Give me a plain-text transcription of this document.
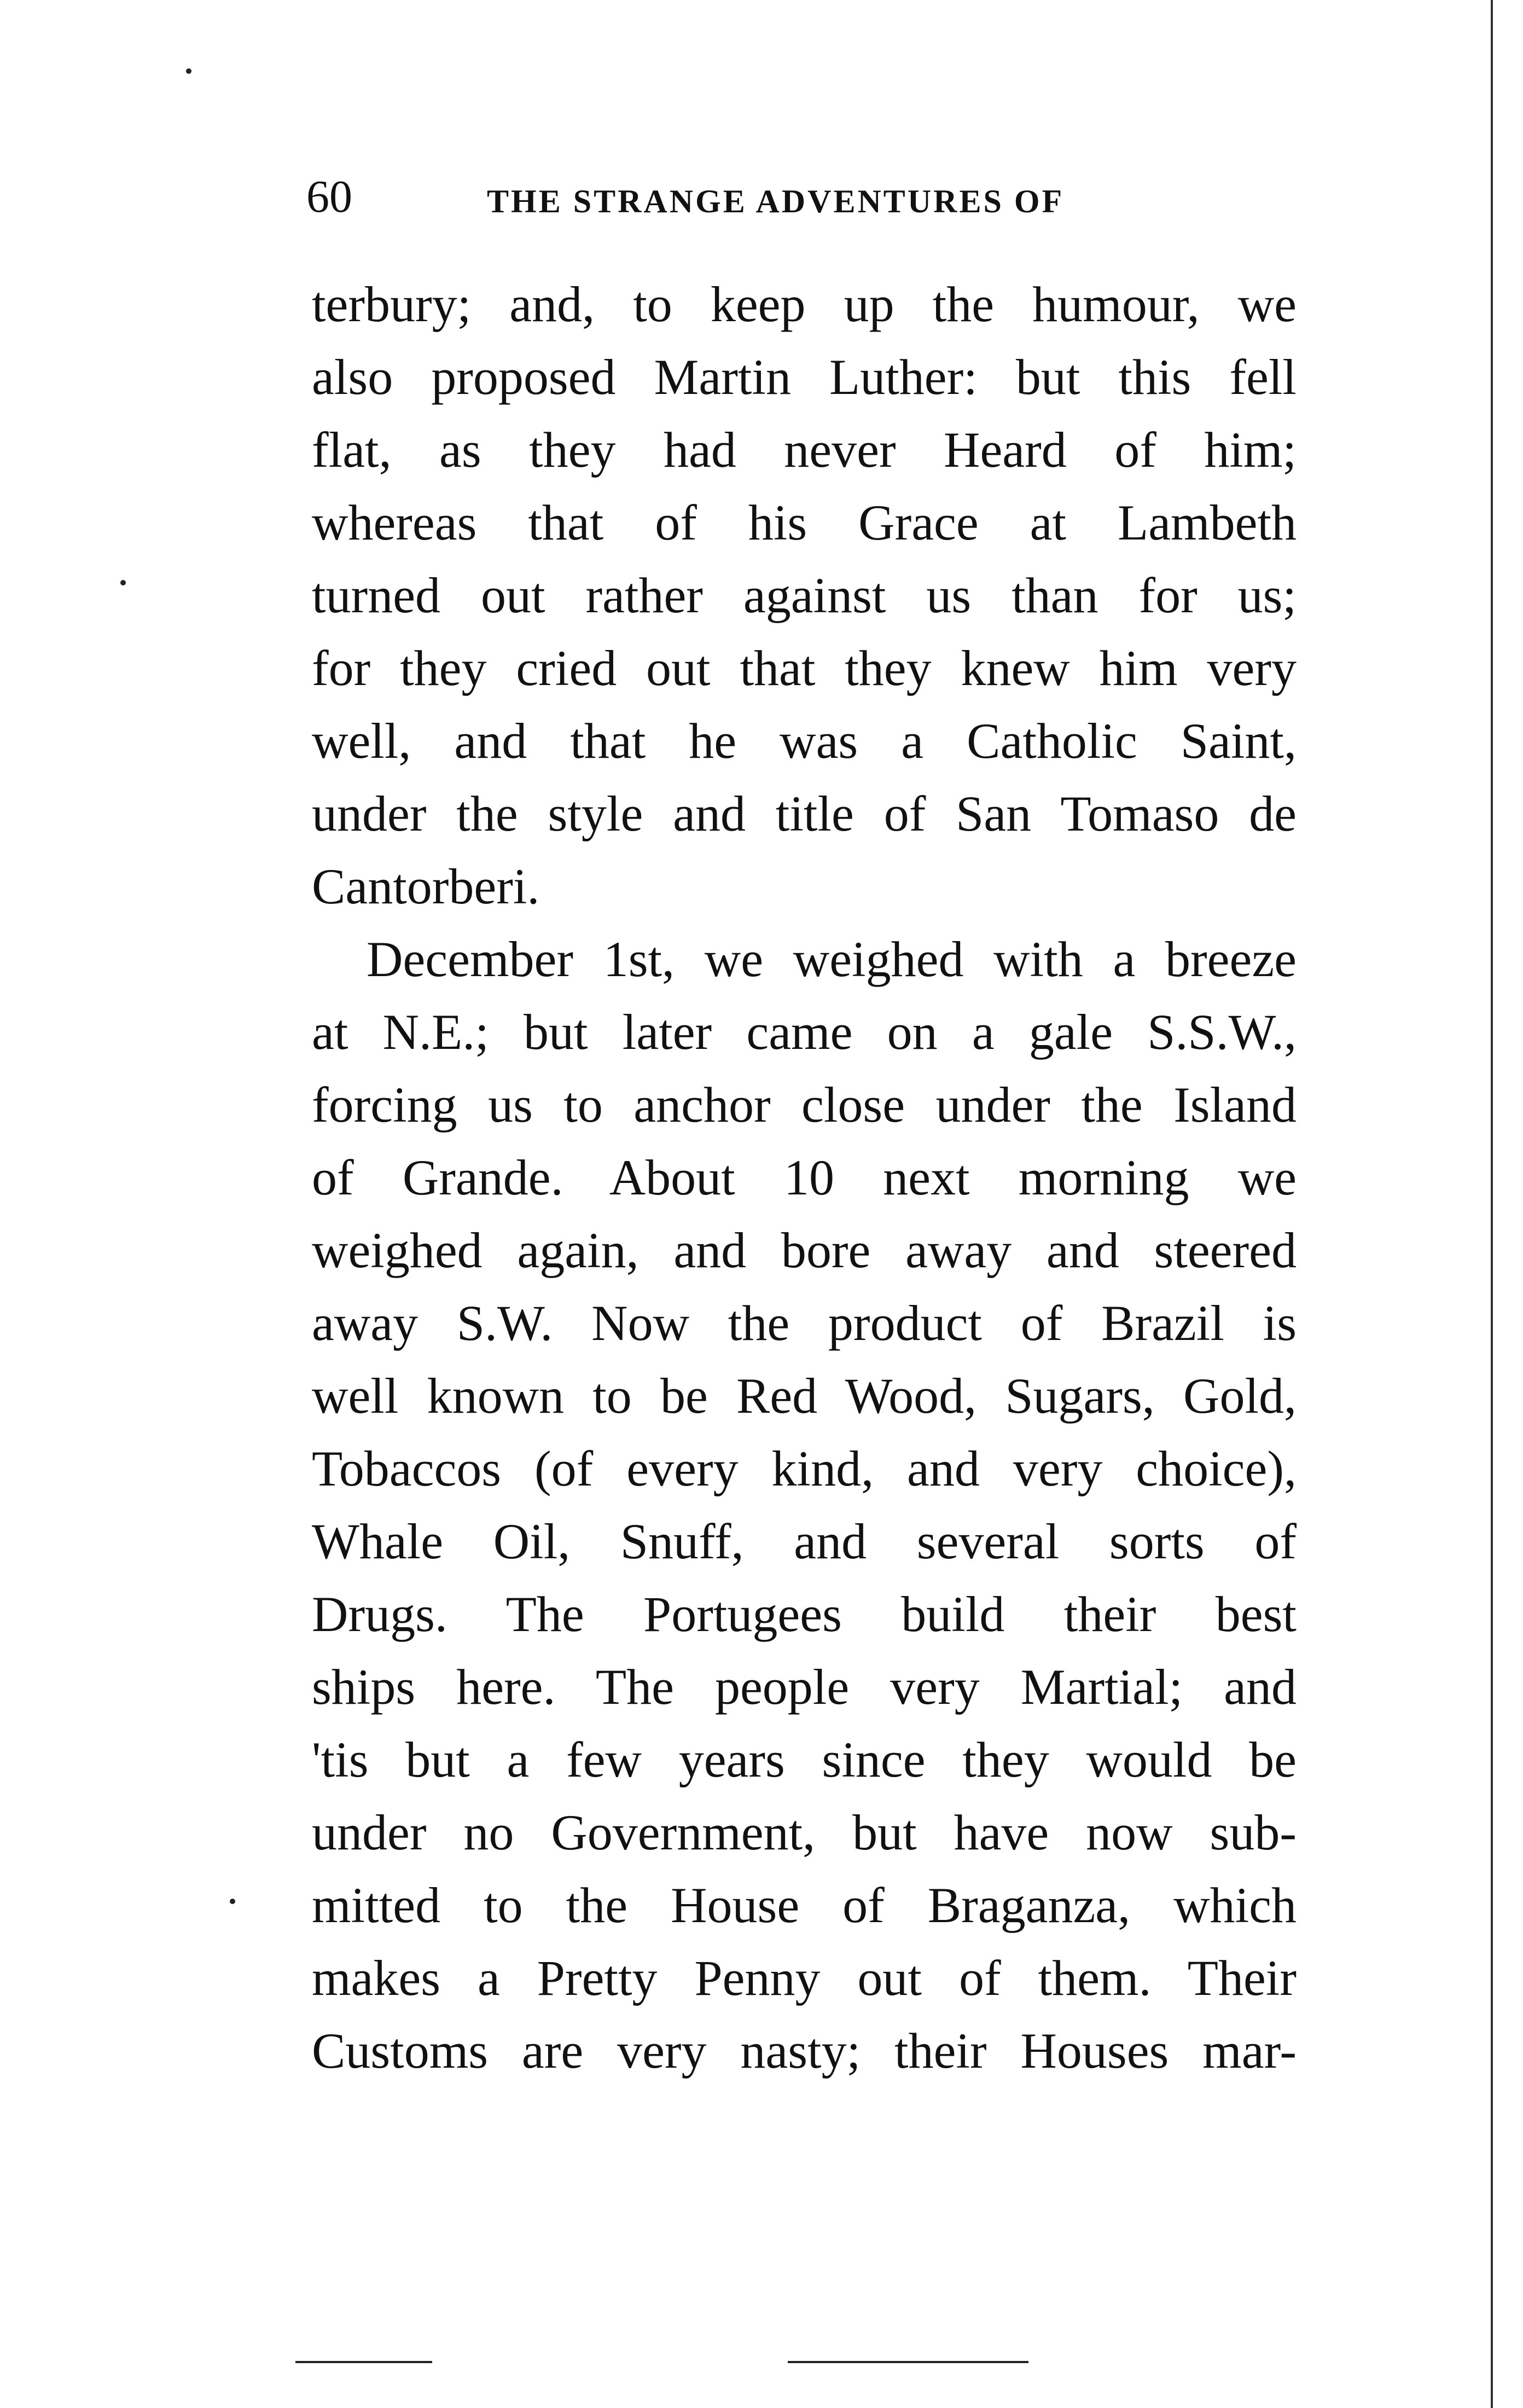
60	THE STRANGE ADVENTURES OF
terbury; and, to keep up the humour, we
also proposed Martin Luther: but this fell
flat, as they had never Heard of him;
whereas that of his Grace at Lambeth
turned out rather against us than for us;
for they cried out that they knew him very
well, and that he was a Catholic Saint,
under the style and title of San Tomaso de
Cantorberi.
December 1st, we weighed with a breeze
at N.E.; but later came on a gale S.S.W.,
forcing us to anchor close under the Island
of Grande. About 10 next morning we
weighed again, and bore away and steered
away S.W. Now the product of Brazil is
well known to be Red Wood, Sugars, Gold,
Tobaccos (of every kind, and very choice),
Whale Oil, Snuff, and several sorts of
Drugs. The Portugees build their best
ships here. The people very Martial; and
'tis but a few years since they would be
under no Government, but have now sub-
mitted to the House of Braganza, which
makes a Pretty Penny out of them. Their
Customs are very nasty; their Houses mar-
